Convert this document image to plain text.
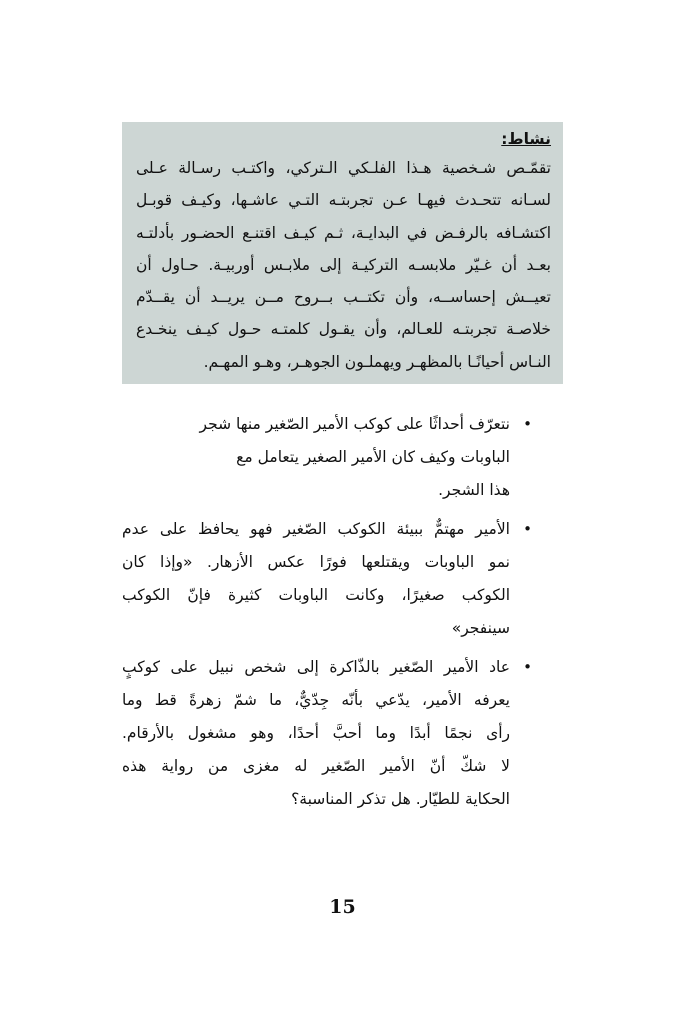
نشاط:
تقمّـص شـخصية هـذا الفلـكي الـتركي، واكتـب رسـالة عـلى
لسـانه تتحـدث فيهـا عـن تجربتـه التـي عاشـها، وكيـف قوبـل
اكتشـافه بالرفـض في البدايـة، ثـم كيـف اقتنـع الحضـور بأدلتـه
بعـد أن غـيّر ملابسـه التركيـة إلى ملابـس أوربيـة. حـاول أن
تعيــش إحساســه، وأن تكتــب بــروح مــن يريــد أن يقــدّم
خلاصـة تجربتـه للعـالم، وأن يقـول كلمتـه حـول كيـف ينخـدع
النـاس أحيانًـا بالمظهـر ويهملـون الجوهـر، وهـو المهـم.
•
نتعرّف أحداثًا على كوكب الأمير الصّغير منها شجر
الباوبات وكيف كان الأمير الصغير يتعامل مع
هذا الشجر.
•
الأمير مهتمٌّ ببيئة الكوكب الصّغير فهو يحافظ على عدم
نمو الباوبات ويقتلعها فورًا عكس الأزهار. «وإذا كان
الكوكب صغيرًا، وكانت الباوبات كثيرة فإنّ الكوكب
سينفجر»
•
عاد الأمير الصّغير بالذّاكرة إلى شخص نبيل على كوكبٍ
يعرفه الأمير، يدّعي بأنّه جِدّيٌّ، ما شمّ زهرةً قط وما
رأى نجمًا أبدًا وما أحبَّ أحدًا، وهو مشغول بالأرقام.
لا شكّ أنّ الأمير الصّغير له مغزى من رواية هذه
الحكاية للطيّار. هل تذكر المناسبة؟
15
